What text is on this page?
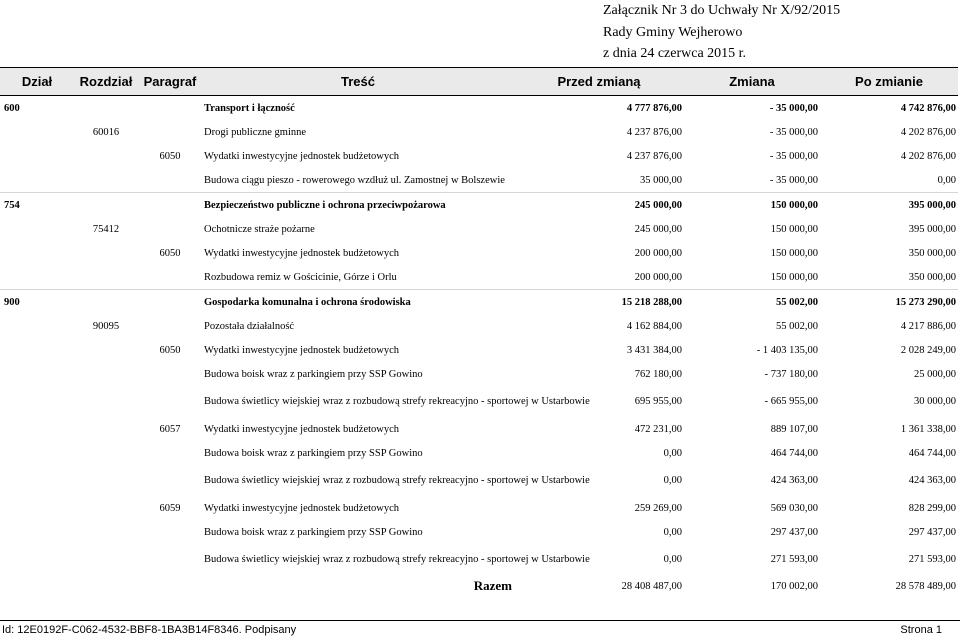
Załącznik Nr 3 do Uchwały Nr X/92/2015
Rady Gminy Wejherowo
z dnia 24 czerwca 2015 r.
Dział	Rozdział	Paragraf	Treść	Przed zmianą	Zmiana	Po zmianie
600			Transport i łączność	4 777 876,00	- 35 000,00	4 742 876,00
	60016		Drogi publiczne gminne	4 237 876,00	- 35 000,00	4 202 876,00
		6050	Wydatki inwestycyjne jednostek budżetowych	4 237 876,00	- 35 000,00	4 202 876,00
			Budowa ciągu pieszo - rowerowego wzdłuż ul. Zamostnej w Bolszewie	35 000,00	- 35 000,00	0,00
754			Bezpieczeństwo publiczne i ochrona przeciwpożarowa	245 000,00	150 000,00	395 000,00
	75412		Ochotnicze straże pożarne	245 000,00	150 000,00	395 000,00
		6050	Wydatki inwestycyjne jednostek budżetowych	200 000,00	150 000,00	350 000,00
			Rozbudowa remiz w Gościcinie, Górze i Orlu	200 000,00	150 000,00	350 000,00
900			Gospodarka komunalna i ochrona środowiska	15 218 288,00	55 002,00	15 273 290,00
	90095		Pozostała działalność	4 162 884,00	55 002,00	4 217 886,00
		6050	Wydatki inwestycyjne jednostek budżetowych	3 431 384,00	- 1 403 135,00	2 028 249,00
			Budowa boisk wraz z parkingiem przy SSP Gowino	762 180,00	- 737 180,00	25 000,00
			Budowa świetlicy wiejskiej wraz z rozbudową strefy rekreacyjno - sportowej w Ustarbowie	695 955,00	- 665 955,00	30 000,00
		6057	Wydatki inwestycyjne jednostek budżetowych	472 231,00	889 107,00	1 361 338,00
			Budowa boisk wraz z parkingiem przy SSP Gowino	0,00	464 744,00	464 744,00
			Budowa świetlicy wiejskiej wraz z rozbudową strefy rekreacyjno - sportowej w Ustarbowie	0,00	424 363,00	424 363,00
		6059	Wydatki inwestycyjne jednostek budżetowych	259 269,00	569 030,00	828 299,00
			Budowa boisk wraz z parkingiem przy SSP Gowino	0,00	297 437,00	297 437,00
			Budowa świetlicy wiejskiej wraz z rozbudową strefy rekreacyjno - sportowej w Ustarbowie	0,00	271 593,00	271 593,00
Razem				28 408 487,00	170 002,00	28 578 489,00
Id: 12E0192F-C062-4532-BBF8-1BA3B14F8346. Podpisany	Strona 1
